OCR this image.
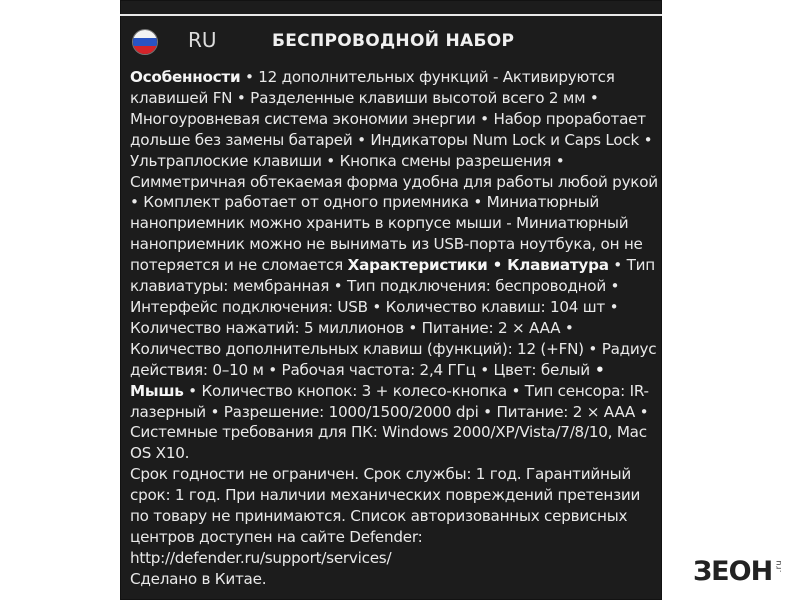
RU	БЕСПРОВОДНОЙ НАБОР
Особенности • 12 дополнительных функций - Активируются клавишей FN • Разделенные клавиши высотой всего 2 мм • Многоуровневая система экономии энергии • Набор проработает дольше без замены батарей • Индикаторы Num Lock и Caps Lock • Ультраплоские клавиши • Кнопка смены разрешения • Симметричная обтекаемая форма удобна для работы любой рукой • Комплект работает от одного приемника • Миниатюрный наноприемник можно хранить в корпусе мыши - Миниатюрный наноприемник можно не вынимать из USB-порта ноутбука, он не потеряется и не сломается Характеристики • Клавиатура • Тип клавиатуры: мембранная • Тип подключения: беспроводной • Интерфейс подключения: USB • Количество клавиш: 104 шт • Количество нажатий: 5 миллионов • Питание: 2 × AAA • Количество дополнительных клавиш (функций): 12 (+FN) • Радиус действия: 0–10 м • Рабочая частота: 2,4 ГГц • Цвет: белый • Мышь • Количество кнопок: 3 + колесо-кнопка • Тип сенсора: IR-лазерный • Разрешение: 1000/1500/2000 dpi • Питание: 2 × AAA • Системные требования для ПК: Windows 2000/XP/Vista/7/8/10, Mac OS X10.
Срок годности не ограничен. Срок службы: 1 год. Гарантийный срок: 1 год. При наличии механических повреждений претензии по товару не принимаются. Список авторизованных сервисных центров доступен на сайте Defender: http://defender.ru/support/services/
Сделано в Китае.	ЗЕОН .ru
